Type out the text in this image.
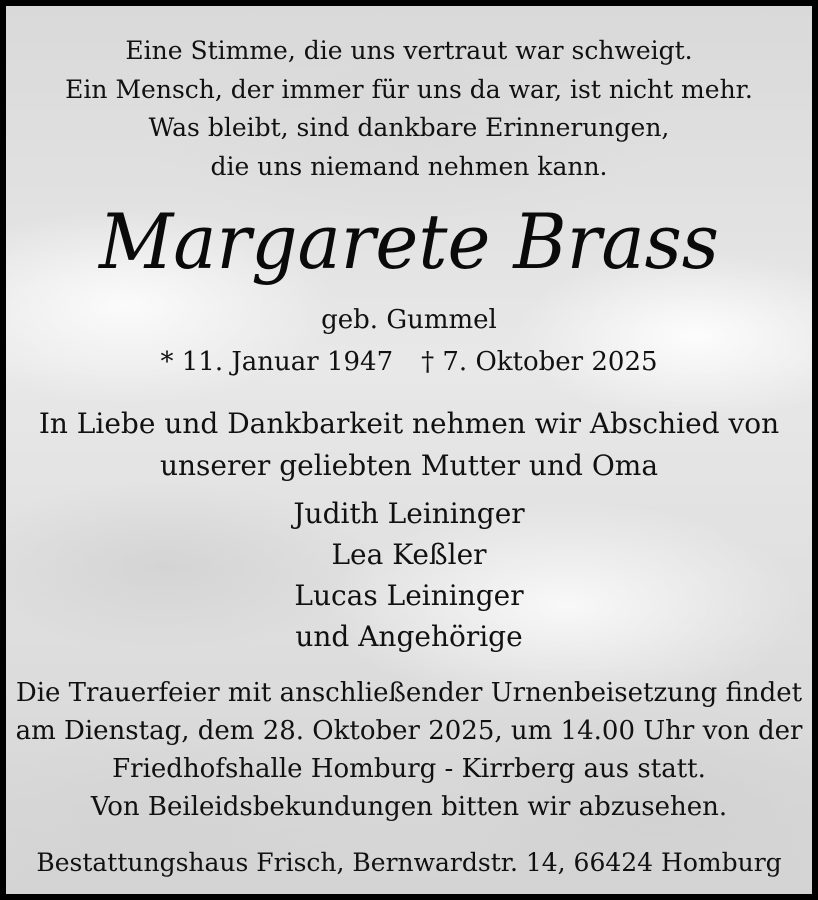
Eine Stimme, die uns vertraut war schweigt.
Ein Mensch, der immer für uns da war, ist nicht mehr.
Was bleibt, sind dankbare Erinnerungen,
die uns niemand nehmen kann.
Margarete Brass
geb. Gummel
* 11. Januar 1947 † 7. Oktober 2025
In Liebe und Dankbarkeit nehmen wir Abschied von
unserer geliebten Mutter und Oma
Judith Leininger
Lea Keßler
Lucas Leininger
und Angehörige
Die Trauerfeier mit anschließender Urnenbeisetzung findet
am Dienstag, dem 28. Oktober 2025, um 14.00 Uhr von der
Friedhofshalle Homburg - Kirrberg aus statt.
Von Beileidsbekundungen bitten wir abzusehen.
Bestattungshaus Frisch, Bernwardstr. 14, 66424 Homburg
